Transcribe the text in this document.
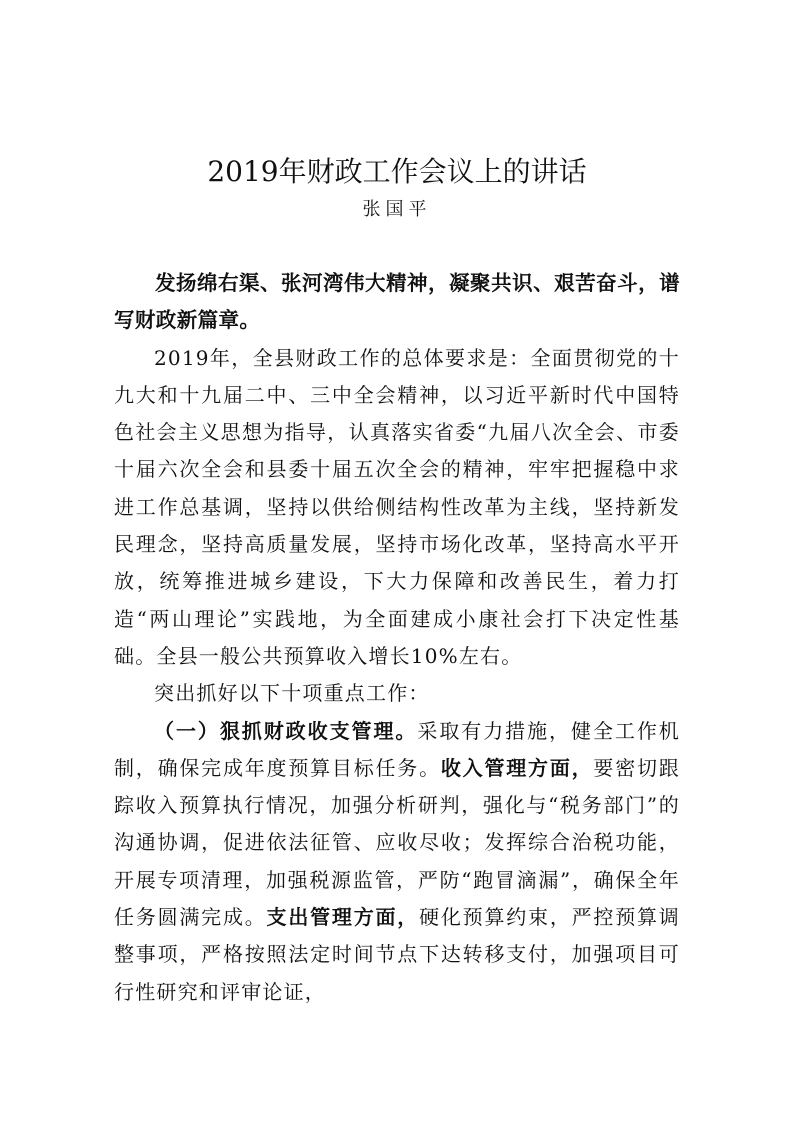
2019年财政工作会议上的讲话
张国平

发扬绵右渠、张河湾伟大精神，凝聚共识、艰苦奋斗，谱写财政新篇章。

2019年，全县财政工作的总体要求是：全面贯彻党的十九大和十九届二中、三中全会精神，以习近平新时代中国特色社会主义思想为指导，认真落实省委“九届八次全会、市委十届六次全会和县委十届五次全会的精神，牢牢把握稳中求进工作总基调，坚持以供给侧结构性改革为主线，坚持新发民理念，坚持高质量发展，坚持市场化改革，坚持高水平开放，统筹推进城乡建设，下大力保障和改善民生，着力打造“两山理论”实践地，为全面建成小康社会打下决定性基础。全县一般公共预算收入增长10%左右。

突出抓好以下十项重点工作：

（一）狠抓财政收支管理。采取有力措施，健全工作机制，确保完成年度预算目标任务。收入管理方面，要密切跟踪收入预算执行情况，加强分析研判，强化与“税务部门”的沟通协调，促进依法征管、应收尽收；发挥综合治税功能，开展专项清理，加强税源监管，严防“跑冒滴漏”，确保全年任务圆满完成。支出管理方面，硬化预算约束，严控预算调整事项，严格按照法定时间节点下达转移支付，加强项目可行性研究和评审论证，
